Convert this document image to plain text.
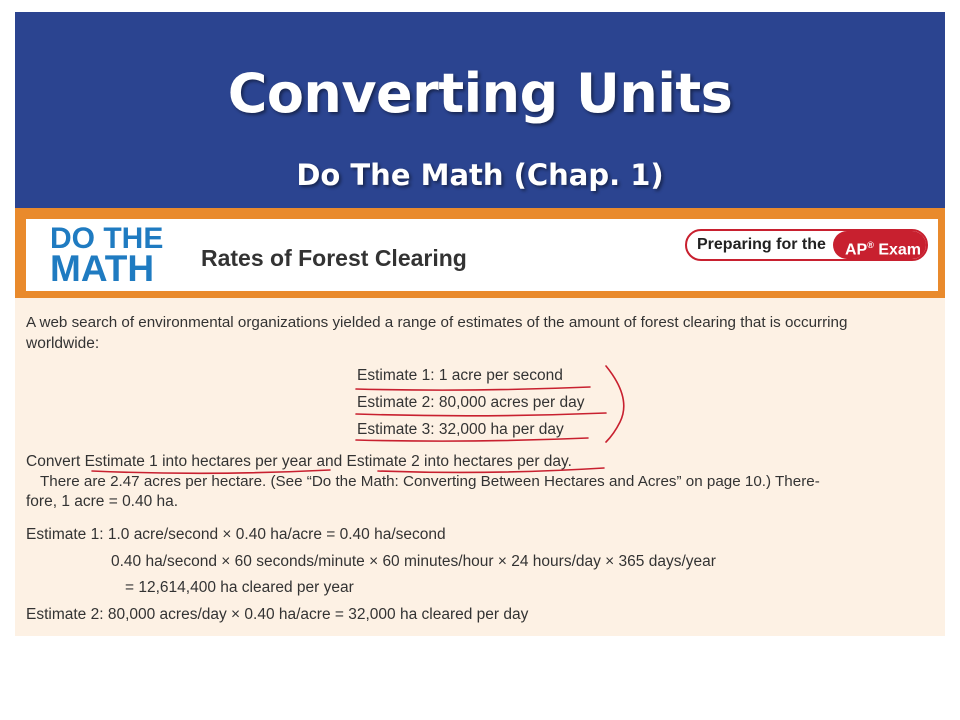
Converting Units
Do The Math (Chap. 1)
DO THE
MATH	Rates of Forest Clearing
Preparing for the	AP® Exam
A web search of environmental organizations yielded a range of estimates of the amount of forest clearing that is occurring
worldwide:
Estimate 1: 1 acre per second
Estimate 2: 80,000 acres per day
Estimate 3: 32,000 ha per day
Convert Estimate 1 into hectares per year and Estimate 2 into hectares per day.
There are 2.47 acres per hectare. (See “Do the Math: Converting Between Hectares and Acres” on page 10.) There-
fore, 1 acre = 0.40 ha.
Estimate 1: 1.0 acre/second × 0.40 ha/acre = 0.40 ha/second
0.40 ha/second × 60 seconds/minute × 60 minutes/hour × 24 hours/day × 365 days/year
= 12,614,400 ha cleared per year
Estimate 2: 80,000 acres/day × 0.40 ha/acre = 32,000 ha cleared per day
